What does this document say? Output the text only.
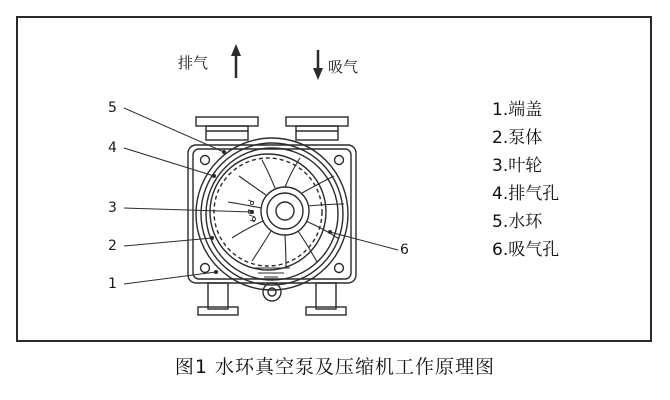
排气	吸气
5
4
3
2
1
6
1.端盖
2.泵体
3.叶轮
4.排气孔
5.水环
6.吸气孔
图1 水环真空泵及压缩机工作原理图
